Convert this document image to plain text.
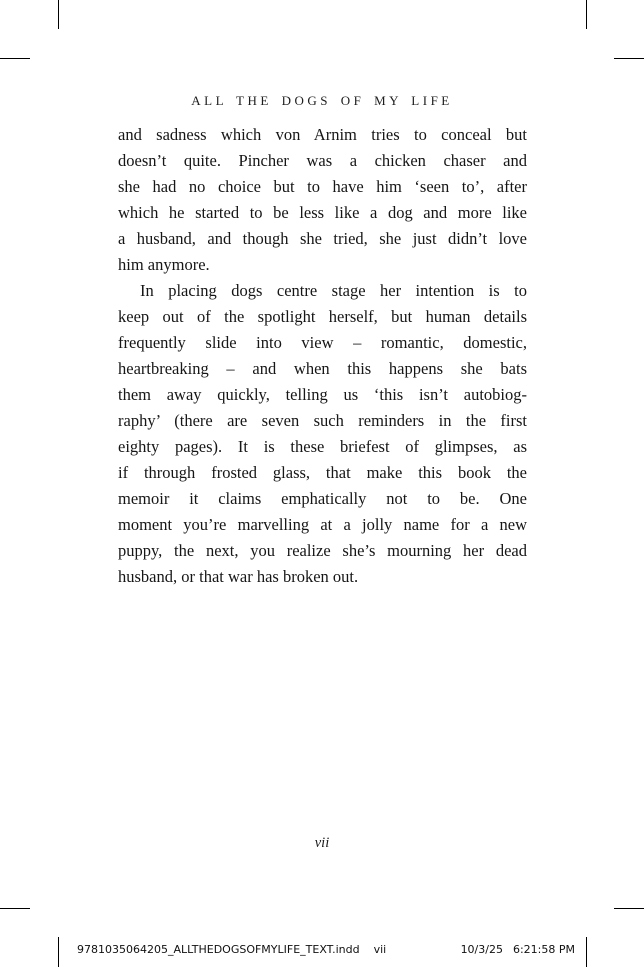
ALL THE DOGS OF MY LIFE
and sadness which von Arnim tries to conceal but
doesn’t quite. Pincher was a chicken chaser and
she had no choice but to have him ‘seen to’, after
which he started to be less like a dog and more like
a husband, and though she tried, she just didn’t love
him anymore.
In placing dogs centre stage her intention is to
keep out of the spotlight herself, but human details
frequently slide into view – romantic, domestic,
heartbreaking – and when this happens she bats
them away quickly, telling us ‘this isn’t autobiog-
raphy’ (there are seven such reminders in the first
eighty pages). It is these briefest of glimpses, as
if through frosted glass, that make this book the
memoir it claims emphatically not to be. One
moment you’re marvelling at a jolly name for a new
puppy, the next, you realize she’s mourning her dead
husband, or that war has broken out.
vii
9781035064205_ALLTHEDOGSOFMYLIFE_TEXT.indd vii	10/3/25 6:21:58 PM
